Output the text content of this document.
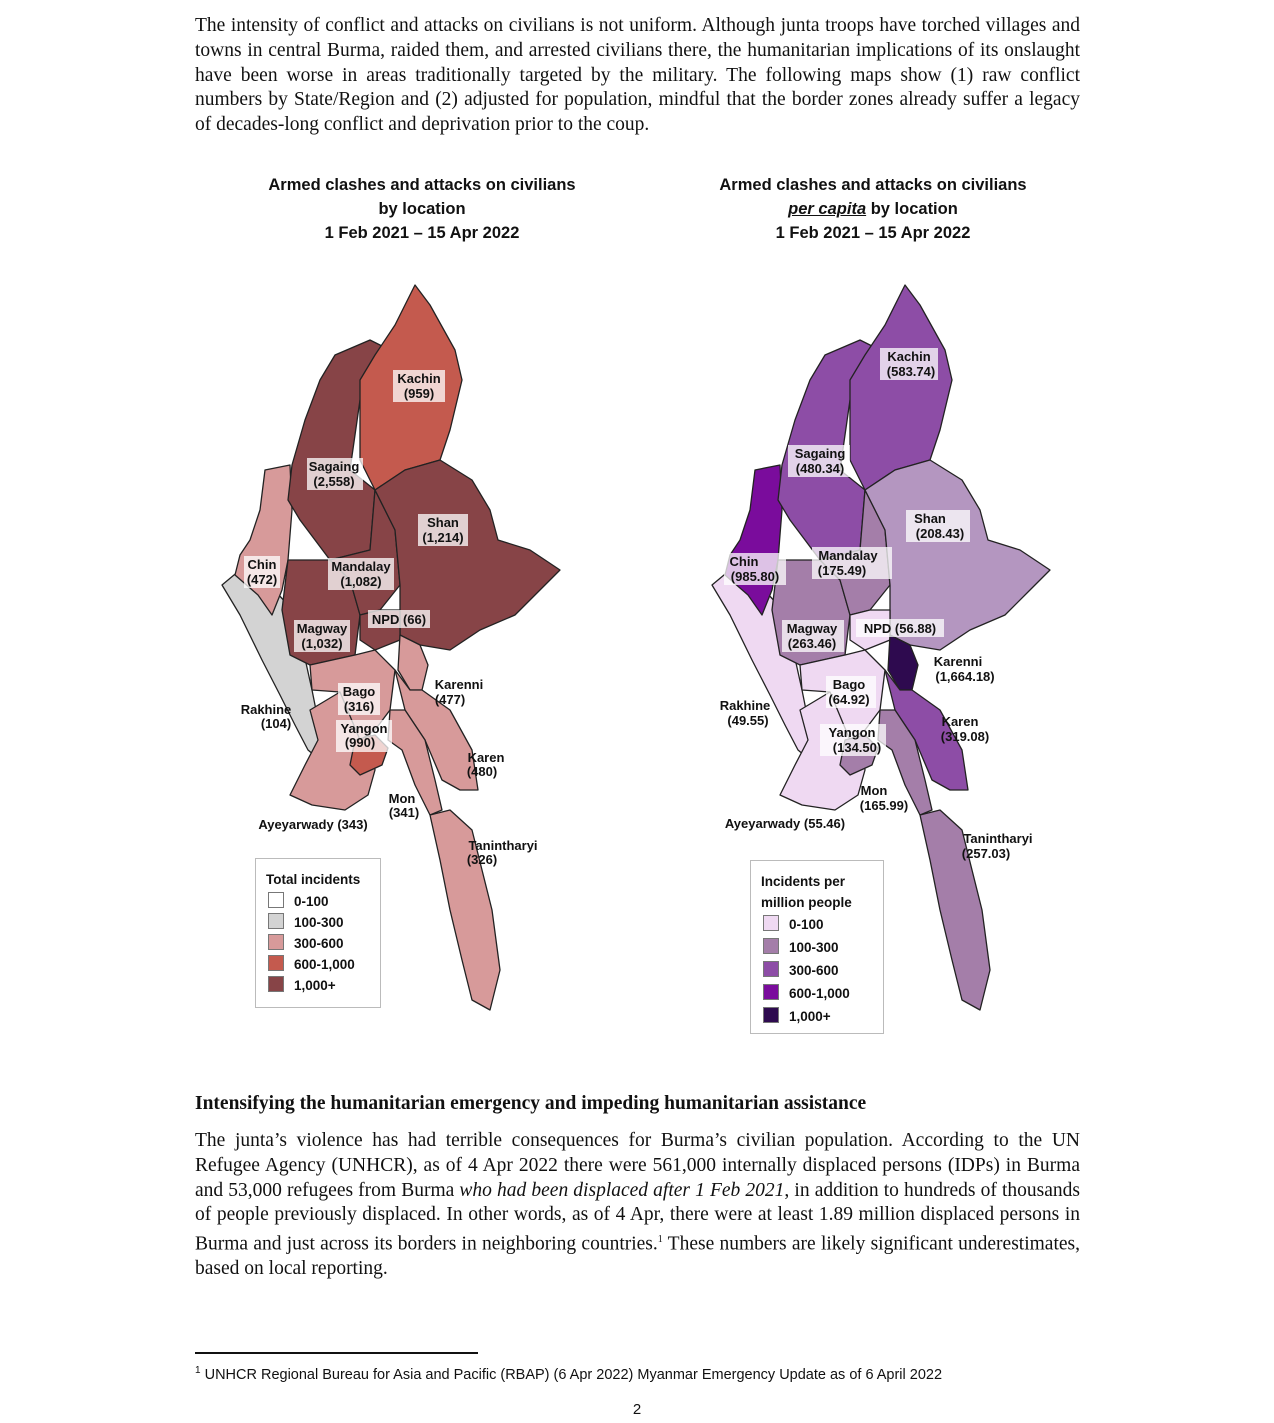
The intensity of conflict and attacks on civilians is not uniform. Although junta troops have torched villages and towns in central Burma, raided them, and arrested civilians there, the humanitarian implications of its onslaught have been worse in areas traditionally targeted by the military. The following maps show (1) raw conflict numbers by State/Region and (2) adjusted for population, mindful that the border zones already suffer a legacy of decades-long conflict and deprivation prior to the coup.
Armed clashes and attacks on civilians
by location
1 Feb 2021 – 15 Apr 2022
Armed clashes and attacks on civilians
per capita by location
1 Feb 2021 – 15 Apr 2022
Kachin
(959)
Sagaing
(2,558)
Shan
(1,214)
Chin
(472)
Mandalay
(1,082)
NPD (66)
Magway
(1,032)
Karenni
(477)
Bago
(316)
Rakhine
(104)	Yangon
(990)
Karen
(480)
Mon
(341)
Ayeyarwady (343)
Tanintharyi
(326)
Kachin
(583.74)
Sagaing
(480.34)
Shan
(208.43)
Chin
(985.80)
Mandalay
(175.49)
Magway
(263.46)
NPD (56.88)
Karenni
(1,664.18)
Bago
(64.92)
Rakhine
(49.55)	Karen
(319.08)
Yangon
(134.50)
Mon
(165.99)
Ayeyarwady (55.46)
Tanintharyi
(257.03)
Total incidents
0-100
100-300
300-600
600-1,000
1,000+
Incidents per
million people
0-100
100-300
300-600
600-1,000
1,000+
Intensifying the humanitarian emergency and impeding humanitarian assistance
The junta’s violence has had terrible consequences for Burma’s civilian population. According to the UN Refugee Agency (UNHCR), as of 4 Apr 2022 there were 561,000 internally displaced persons (IDPs) in Burma and 53,000 refugees from Burma who had been displaced after 1 Feb 2021, in addition to hundreds of thousands of people previously displaced. In other words, as of 4 Apr, there were at least 1.89 million displaced persons in Burma and just across its borders in neighboring countries.$^1$ These numbers are likely significant underestimates, based on local reporting.
$^1$ UNHCR Regional Bureau for Asia and Pacific (RBAP) (6 Apr 2022) Myanmar Emergency Update as of 6 April 2022
2
